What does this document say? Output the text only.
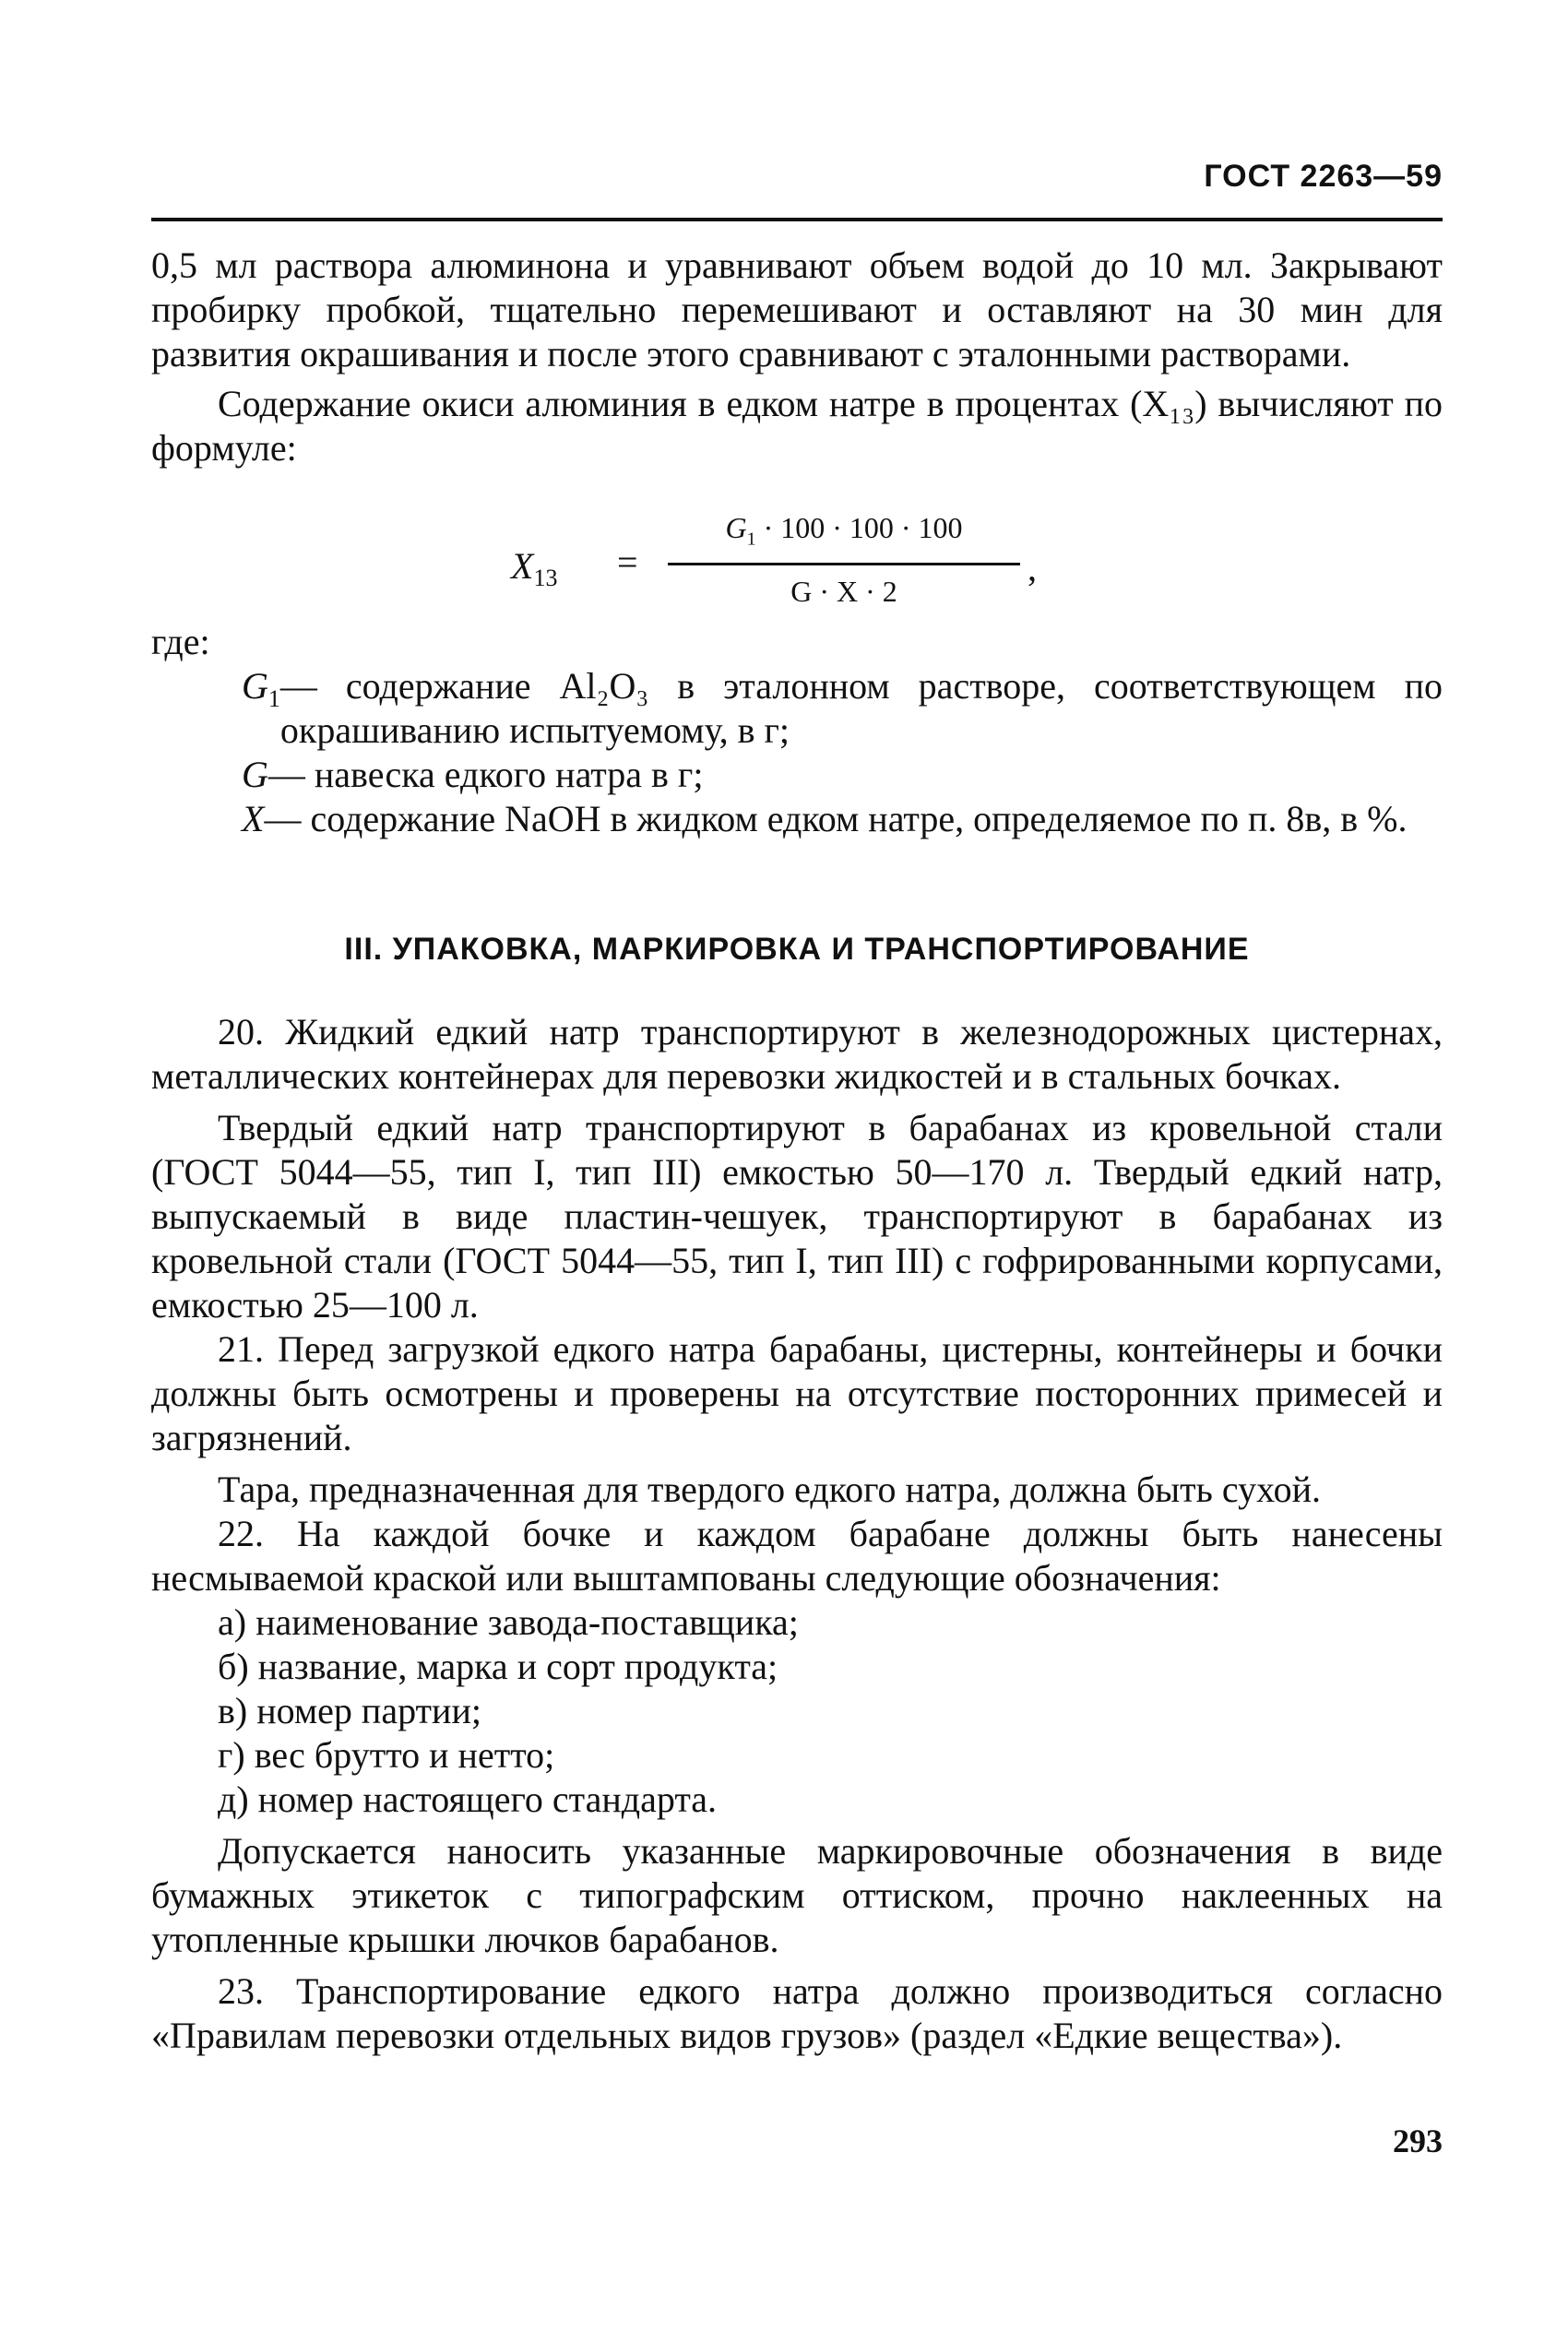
ГОСТ 2263—59

0,5 мл раствора алюминона и уравнивают объем водой до 10 мл. Закрывают пробирку пробкой, тщательно перемешивают и оставляют на 30 мин для развития окрашивания и после этого сравнивают с эталонными растворами.

Содержание окиси алюминия в едком натре в процентах (X₁₃) вычисляют по формуле:

$X_{13}$ =
$G_1 \cdot 100 \cdot 100 \cdot 100$
G · X · 2
,
где:

$G_1$ — содержание Al₂O₃ в эталонном растворе, соответствующем по окрашиванию испытуемому, в г;

G — навеска едкого натра в г;

X — содержание NaOH в жидком едком натре, определяемое по п. 8в, в %.

III. УПАКОВКА, МАРКИРОВКА И ТРАНСПОРТИРОВАНИЕ

20. Жидкий едкий натр транспортируют в железнодорожных цистернах, металлических контейнерах для перевозки жидкостей и в стальных бочках.

Твердый едкий натр транспортируют в барабанах из кровельной стали (ГОСТ 5044—55, тип I, тип III) емкостью 50—170 л. Твердый едкий натр, выпускаемый в виде пластин-чешуек, транспортируют в барабанах из кровельной стали (ГОСТ 5044—55, тип I, тип III) с гофрированными корпусами, емкостью 25—100 л.

21. Перед загрузкой едкого натра барабаны, цистерны, контейнеры и бочки должны быть осмотрены и проверены на отсутствие посторонних примесей и загрязнений.

Тара, предназначенная для твердого едкого натра, должна быть сухой.

22. На каждой бочке и каждом барабане должны быть нанесены несмываемой краской или выштампованы следующие обозначения:

а) наименование завода-поставщика;
б) название, марка и сорт продукта;
в) номер партии;
г) вес брутто и нетто;
д) номер настоящего стандарта.

Допускается наносить указанные маркировочные обозначения в виде бумажных этикеток с типографским оттиском, прочно наклеенных на утопленные крышки лючков барабанов.

23. Транспортирование едкого натра должно производиться согласно «Правилам перевозки отдельных видов грузов» (раздел «Едкие вещества»).

293
